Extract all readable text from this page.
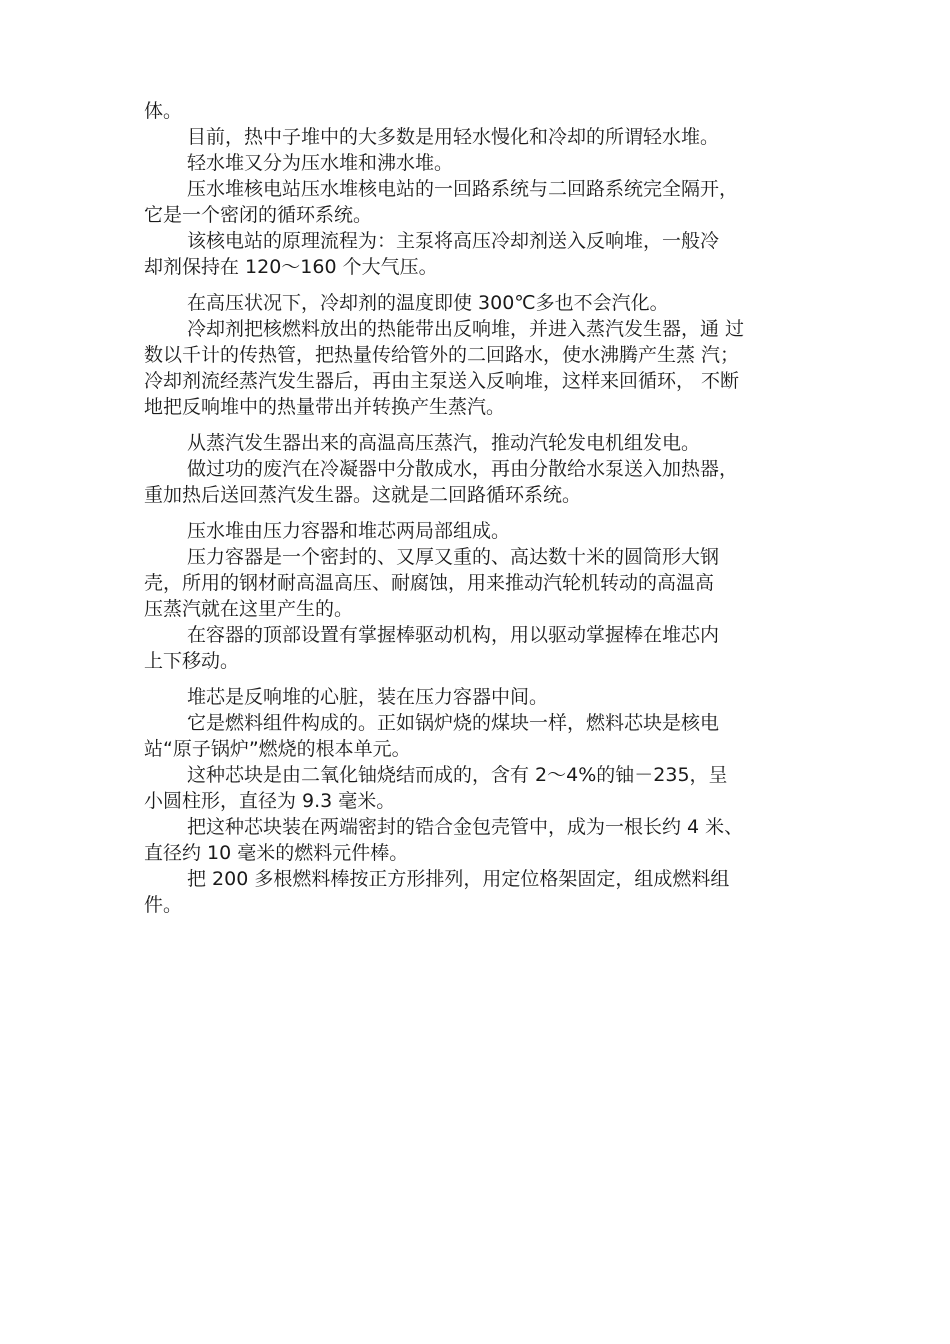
体。

目前，热中子堆中的大多数是用轻水慢化和冷却的所谓轻水堆。

轻水堆又分为压水堆和沸水堆。

压水堆核电站压水堆核电站的一回路系统与二回路系统完全隔开，

它是一个密闭的循环系统。

该核电站的原理流程为：主泵将高压冷却剂送入反响堆，一般冷

却剂保持在 120～160 个大气压。

在高压状况下，冷却剂的温度即使 300℃多也不会汽化。

冷却剂把核燃料放出的热能带出反响堆，并进入蒸汽发生器，通 过

数以千计的传热管，把热量传给管外的二回路水，使水沸腾产生蒸 汽；

冷却剂流经蒸汽发生器后，再由主泵送入反响堆，这样来回循环， 不断

地把反响堆中的热量带出并转换产生蒸汽。

从蒸汽发生器出来的高温高压蒸汽，推动汽轮发电机组发电。

做过功的废汽在冷凝器中分散成水，再由分散给水泵送入加热器，

重加热后送回蒸汽发生器。这就是二回路循环系统。

压水堆由压力容器和堆芯两局部组成。

压力容器是一个密封的、又厚又重的、高达数十米的圆筒形大钢

壳，所用的钢材耐高温高压、耐腐蚀，用来推动汽轮机转动的高温高

压蒸汽就在这里产生的。

在容器的顶部设置有掌握棒驱动机构，用以驱动掌握棒在堆芯内

上下移动。

堆芯是反响堆的心脏，装在压力容器中间。

它是燃料组件构成的。正如锅炉烧的煤块一样，燃料芯块是核电

站“原子锅炉”燃烧的根本单元。

这种芯块是由二氧化铀烧结而成的，含有 2～4%的铀－235，呈

小圆柱形，直径为 9.3 毫米。

把这种芯块装在两端密封的锆合金包壳管中，成为一根长约 4 米、

直径约 10 毫米的燃料元件棒。

把 200 多根燃料棒按正方形排列，用定位格架固定，组成燃料组

件。
